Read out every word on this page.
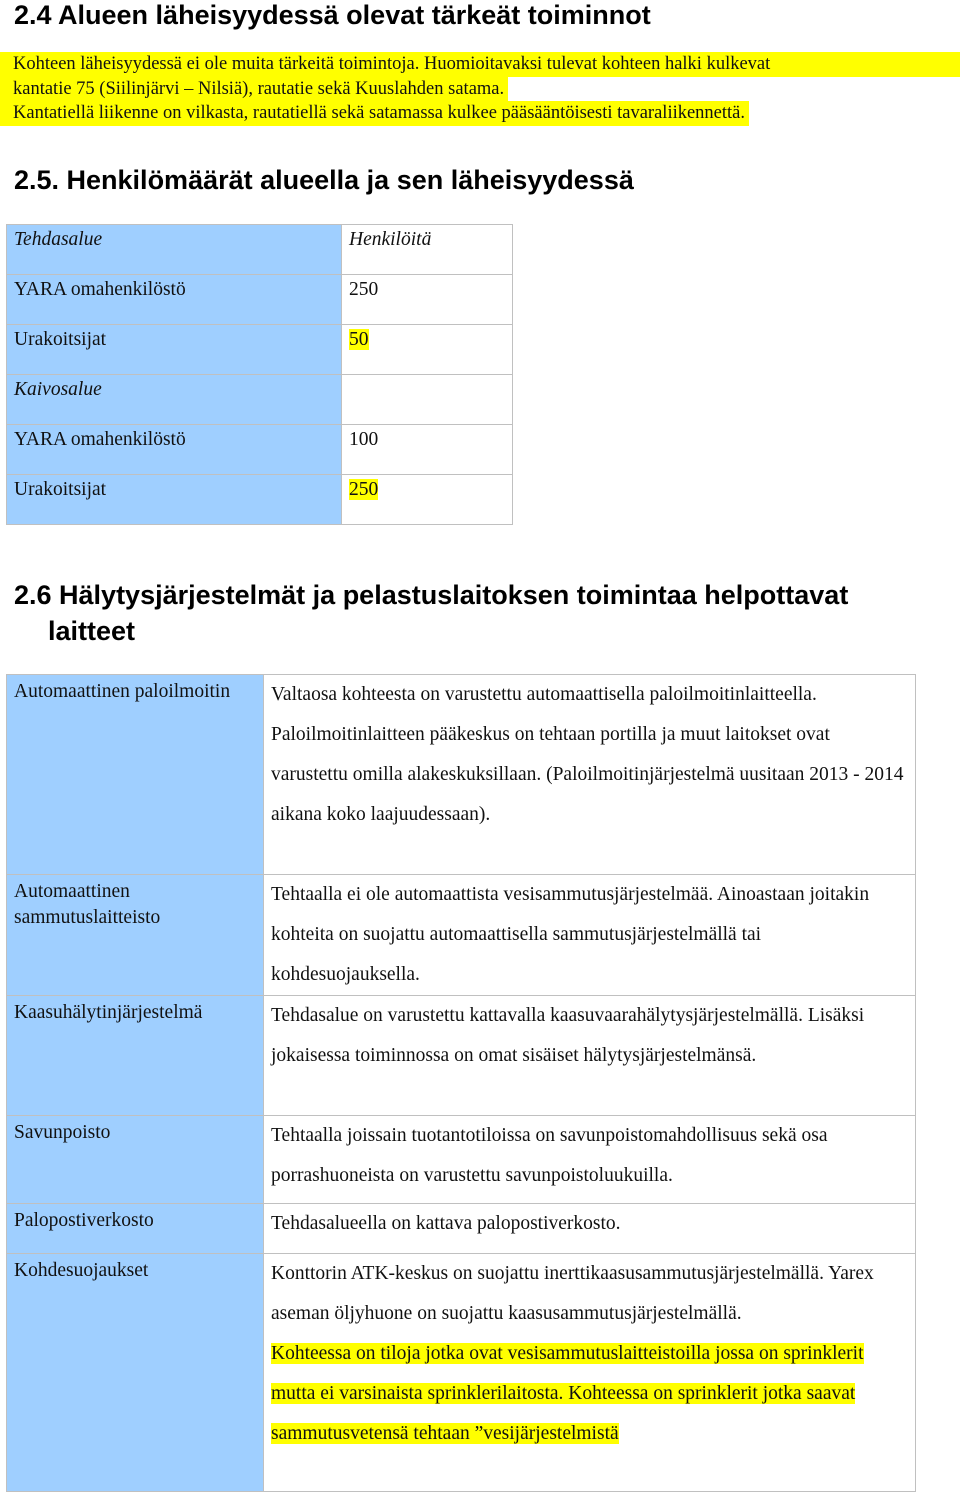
2.4 Alueen läheisyydessä olevat tärkeät toiminnot
Kohteen läheisyydessä ei ole muita tärkeitä toimintoja. Huomioitavaksi tulevat kohteen halki kulkevat
kantatie 75 (Siilinjärvi – Nilsiä), rautatie sekä Kuuslahden satama.
Kantatiellä liikenne on vilkasta, rautatiellä sekä satamassa kulkee pääsääntöisesti tavaraliikennettä.
2.5. Henkilömäärät alueella ja sen läheisyydessä
Tehdasalue	Henkilöitä

YARA omahenkilöstö	250

Urakoitsijat	50

Kaivosalue	

YARA omahenkilöstö	100

Urakoitsijat	250
2.6 Hälytysjärjestelmät ja pelastuslaitoksen toimintaa helpottavat
laitteet
Automaattinen paloilmoitin	Valtaosa kohteesta on varustettu automaattisella paloilmoitinlaitteella. Paloilmoitinlaitteen pääkeskus on tehtaan portilla ja muut laitokset ovat varustettu omilla alakeskuksillaan. (Paloilmoitinjärjestelmä uusitaan 2013 - 2014 aikana koko laajuudessaan).

Automaattinen sammutuslaitteisto	Tehtaalla ei ole automaattista vesisammutusjärjestelmää. Ainoastaan joitakin kohteita on suojattu automaattisella sammutusjärjestelmällä tai kohdesuojauksella.

Kaasuhälytinjärjestelmä	Tehdasalue on varustettu kattavalla kaasuvaarahälytysjärjestelmällä. Lisäksi jokaisessa toiminnossa on omat sisäiset hälytysjärjestelmänsä.

Savunpoisto	Tehtaalla joissain tuotantotiloissa on savunpoistomahdollisuus sekä osa porrashuoneista on varustettu savunpoistoluukuilla.

Palopostiverkosto	Tehdasalueella on kattava palopostiverkosto.

Kohdesuojaukset	Konttorin ATK-keskus on suojattu inerttikaasusammutusjärjestelmällä. Yarex aseman öljyhuone on suojattu kaasusammutusjärjestelmällä.
Kohteessa on tiloja jotka ovat vesisammutuslaitteistoilla jossa on sprinklerit mutta ei varsinaista sprinklerilaitosta. Kohteessa on sprinklerit jotka saavat sammutusvetensä tehtaan ”vesijärjestelmistä
